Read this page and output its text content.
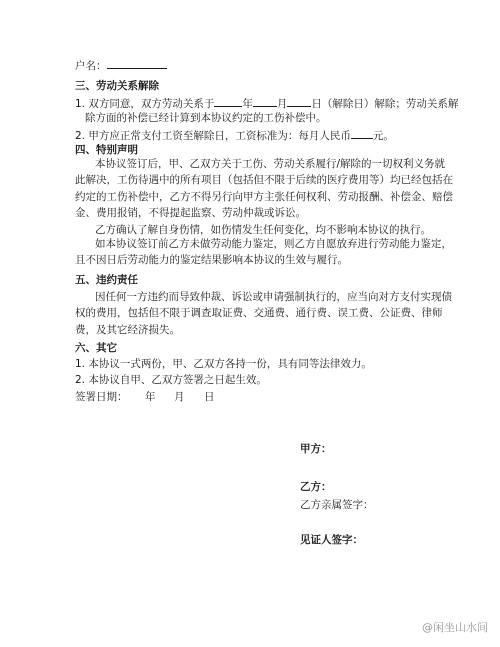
户名：
三、劳动关系解除
1. 双方同意，双方劳动关系于	年 月 日（解除日）解除；劳动关系解
除方面的补偿已经计算到本协议约定的工伤补偿中。
2. 甲方应正常支付工资至解除日，工资标准为：每月人民币 元。
四、特别声明
本协议签订后，甲、乙双方关于工伤、劳动关系履行/解除的一切权利义务就
此解决，工伤待遇中的所有项目（包括但不限于后续的医疗费用等）均已经包括在
约定的工伤补偿中，乙方不得另行向甲方主张任何权利、劳动报酬、补偿金、赔偿
金、费用报销，不得提起监察、劳动仲裁或诉讼。
乙方确认了解自身伤情，如伤情发生任何变化，均不影响本协议的执行。
如本协议签订前乙方未做劳动能力鉴定，则乙方自愿放弃进行劳动能力鉴定，
且不因日后劳动能力的鉴定结果影响本协议的生效与履行。
五、违约责任
因任何一方违约而导致仲裁、诉讼或申请强制执行的，应当向对方支付实现债
权的费用，包括但不限于调查取证费、交通费、通行费、误工费、公证费、律师
费，及其它经济损失。
六、其它
1. 本协议一式两份，甲、乙双方各持一份，具有同等法律效力。
2. 本协议自甲、乙双方签署之日起生效。
签署日期： 年 月 日
甲方：
乙方：
乙方亲属签字：
见证人签字：
@闲坐山水间
